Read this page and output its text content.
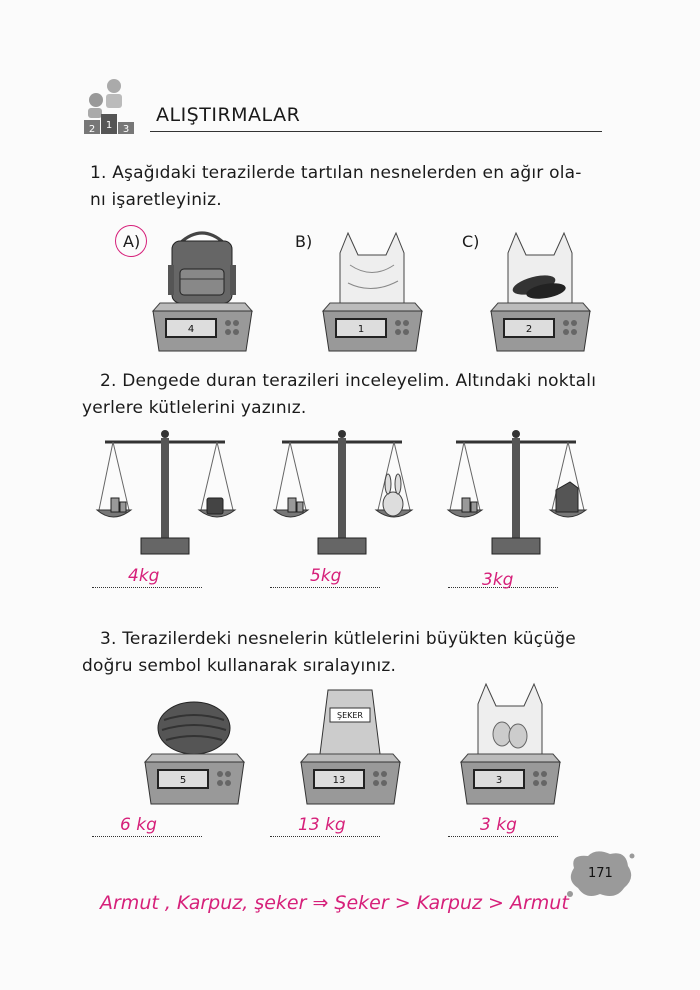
2 1 3
ALIŞTIRMALAR
1. Aşağıdaki terazilerde tartılan nesnelerden en ağır ola-
nı işaretleyiniz.
A)	B)	C)
4	1	2
2. Dengede duran terazileri inceleyelim. Altındaki noktalı
yerlere kütlelerini yazınız.
4kg	5kg	3kg
3. Terazilerdeki nesnelerin kütlelerini büyükten küçüğe
doğru sembol kullanarak sıralayınız.
5
ŞEKER
13	3
6 kg	13 kg	3 kg
171
Armut , Karpuz, şeker ⇒ Şeker > Karpuz > Armut
